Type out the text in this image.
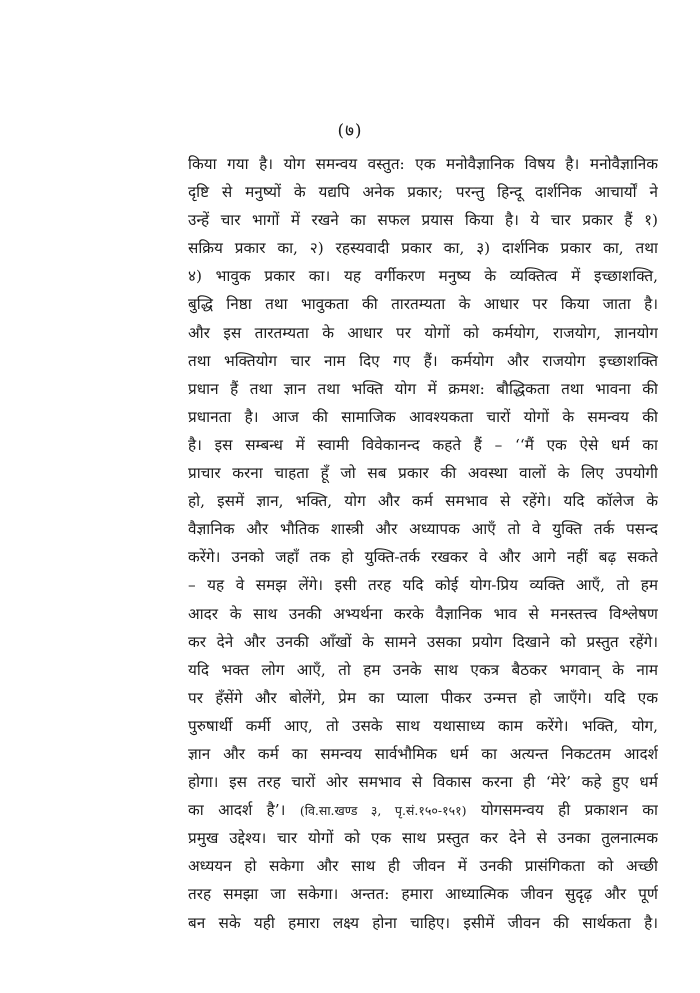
(७)
किया गया है। योग समन्वय वस्तुत: एक मनोवैज्ञानिक विषय है। मनोवैज्ञानिक
दृष्टि से मनुष्यों के यद्यपि अनेक प्रकार; परन्तु हिन्दू दार्शनिक आचार्यों ने
उन्हें चार भागों में रखने का सफल प्रयास किया है। ये चार प्रकार हैं १)
सक्रिय प्रकार का, २) रहस्यवादी प्रकार का, ३) दार्शनिक प्रकार का, तथा
४) भावुक प्रकार का। यह वर्गीकरण मनुष्य के व्यक्तित्व में इच्छाशक्ति,
बुद्धि निष्ठा तथा भावुकता की तारतम्यता के आधार पर किया जाता है।
और इस तारतम्यता के आधार पर योगों को कर्मयोग, राजयोग, ज्ञानयोग
तथा भक्तियोग चार नाम दिए गए हैं। कर्मयोग और राजयोग इच्छाशक्ति
प्रधान हैं तथा ज्ञान तथा भक्ति योग में क्रमश: बौद्धिकता तथा भावना की
प्रधानता है। आज की सामाजिक आवश्यकता चारों योगों के समन्वय की
है। इस सम्बन्ध में स्वामी विवेकानन्द कहते हैं – ‘‘मैं एक ऐसे धर्म का
प्राचार करना चाहता हूँ जो सब प्रकार की अवस्था वालों के लिए उपयोगी
हो, इसमें ज्ञान, भक्ति, योग और कर्म समभाव से रहेंगे। यदि कॉलेज के
वैज्ञानिक और भौतिक शास्त्री और अध्यापक आएँ तो वे युक्ति तर्क पसन्द
करेंगे। उनको जहाँ तक हो युक्ति-तर्क रखकर वे और आगे नहीं बढ़ सकते
– यह वे समझ लेंगे। इसी तरह यदि कोई योग-प्रिय व्यक्ति आएँ, तो हम
आदर के साथ उनकी अभ्यर्थना करके वैज्ञानिक भाव से मनस्तत्त्व विश्लेषण
कर देने और उनकी आँखों के सामने उसका प्रयोग दिखाने को प्रस्तुत रहेंगे।
यदि भक्त लोग आएँ, तो हम उनके साथ एकत्र बैठकर भगवान् के नाम
पर हँसेंगे और बोलेंगे, प्रेम का प्याला पीकर उन्मत्त हो जाएँगे। यदि एक
पुरुषार्थी कर्मी आए, तो उसके साथ यथासाध्य काम करेंगे। भक्ति, योग,
ज्ञान और कर्म का समन्वय सार्वभौमिक धर्म का अत्यन्त निकटतम आदर्श
होगा। इस तरह चारों ओर समभाव से विकास करना ही ‘मेरे’ कहे हुए धर्म
का आदर्श है’। (वि.सा.खण्ड ३, पृ.सं.१५०-१५१) योगसमन्वय ही प्रकाशन का
प्रमुख उद्देश्य। चार योगों को एक साथ प्रस्तुत कर देने से उनका तुलनात्मक
अध्ययन हो सकेगा और साथ ही जीवन में उनकी प्रासंगिकता को अच्छी
तरह समझा जा सकेगा। अन्तत: हमारा आध्यात्मिक जीवन सुदृढ़ और पूर्ण
बन सके यही हमारा लक्ष्य होना चाहिए। इसीमें जीवन की सार्थकता है।
